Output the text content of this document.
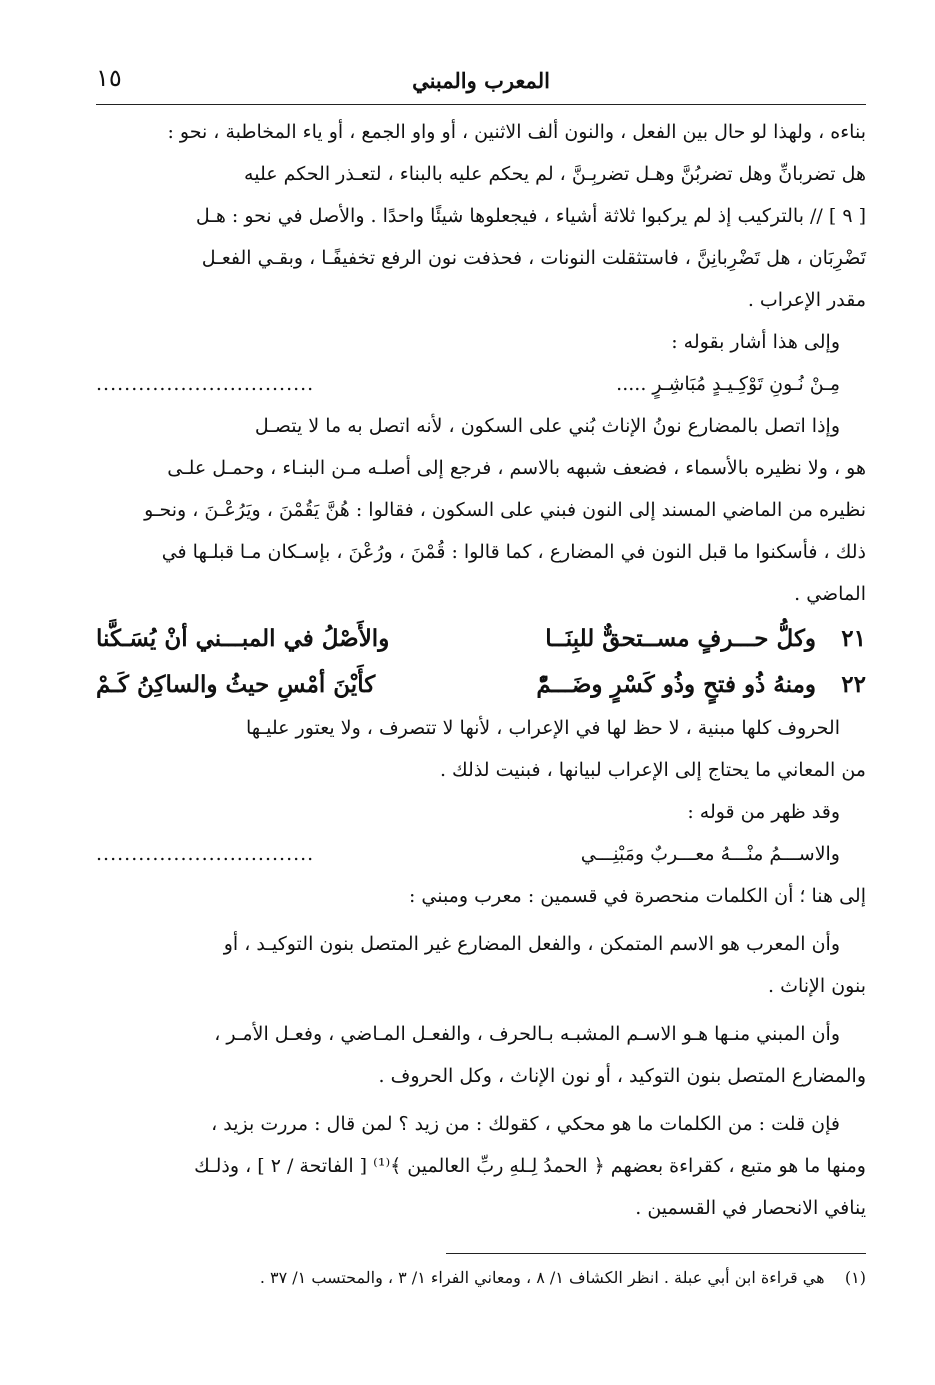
المعرب والمبني
١٥

بناءه ، ولهذا لو حال بين الفعل ، والنون ألف الاثنين ، أو واو الجمع ، أو ياء المخاطبة ، نحو :

هل تضربانِّ وهل تضربُنَّ وهـل تضربِـنَّ ، لم يحكم عليه بالبناء ، لتعـذر الحكم عليه

[ ٩ ] // بالتركيب إذ لم يركبوا ثلاثة أشياء ، فيجعلوها شيئًا واحدًا . والأصل في نحو : هـل

تَضْرِبَان ، هل تَضْرِبانِنَّ ، فاستثقلت النونات ، فحذفت نون الرفع تخفيفًـا ، وبقـي الفعـل

مقدر الإعراب .

وإلى هذا أشار بقوله :

مِـنْ نُـونِ تَوْكِـيـدٍ مُبَاشِـرٍ .....
...............................

وإذا اتصل بالمضارع نونُ الإناث بُني على السكون ، لأنه اتصل به ما لا يتصـل

هو ، ولا نظيره بالأسماء ، فضعف شبهه بالاسم ، فرجع إلى أصلـه مـن البنـاء ، وحمـل علـى

نظيره من الماضي المسند إلى النون فبني على السكون ، فقالوا : هُنَّ يَقُمْنَ ، ويَرُعْـنَ ، ونحـو

ذلك ، فأسكنوا ما قبل النون في المضارع ، كما قالوا : قُمْنَ ، ورُعْنَ ، بإسـكان مـا قبلـها في

الماضي .

٢١
وكلُّ حـــرفٍ مســتحقٌّ للبِنَــا
والأَصْلُ في المبـــني أنْ يُسَـكَّنا
٢٢
ومنهُ ذُو فتحٍ وذُو كَسْرٍ وضَـــمّْ
كأَيْنَ أمْسِ حيثُ والساكِنُ كَـمْ

الحروف كلها مبنية ، لا حظ لها في الإعراب ، لأنها لا تتصرف ، ولا يعتور عليـها

من المعاني ما يحتاج إلى الإعراب لبيانها ، فبنيت لذلك .

وقد ظهر من قوله :

والاســـمُ منْـــهُ معـــربٌ ومَبْنِـــي
...............................

إلى هنا ؛ أن الكلمات منحصرة في قسمين : معرب ومبني :

وأن المعرب هو الاسم المتمكن ، والفعل المضارع غير المتصل بنون التوكيـد ، أو

بنون الإناث .

وأن المبني منـها هـو الاسـم المشبـه بـالحرف ، والفعـل المـاضي ، وفعـل الأمـر ،

والمضارع المتصل بنون التوكيد ، أو نون الإناث ، وكل الحروف .

فإن قلت : من الكلمات ما هو محكي ، كقولك : من زيد ؟ لمن قال : مررت بزيد ،

ومنها ما هو متبع ، كقراءة بعضهم ﴿ الحمدُ لِـلهِ ربِّ العالمين ﴾⁽¹⁾ [ الفاتحة / ٢ ] ، وذلـك

ينافي الانحصار في القسمين .

(١)    هي قراءة ابن أبي عبلة . انظر الكشاف ١/ ٨ ، ومعاني الفراء ١/ ٣ ، والمحتسب ١/ ٣٧ .
